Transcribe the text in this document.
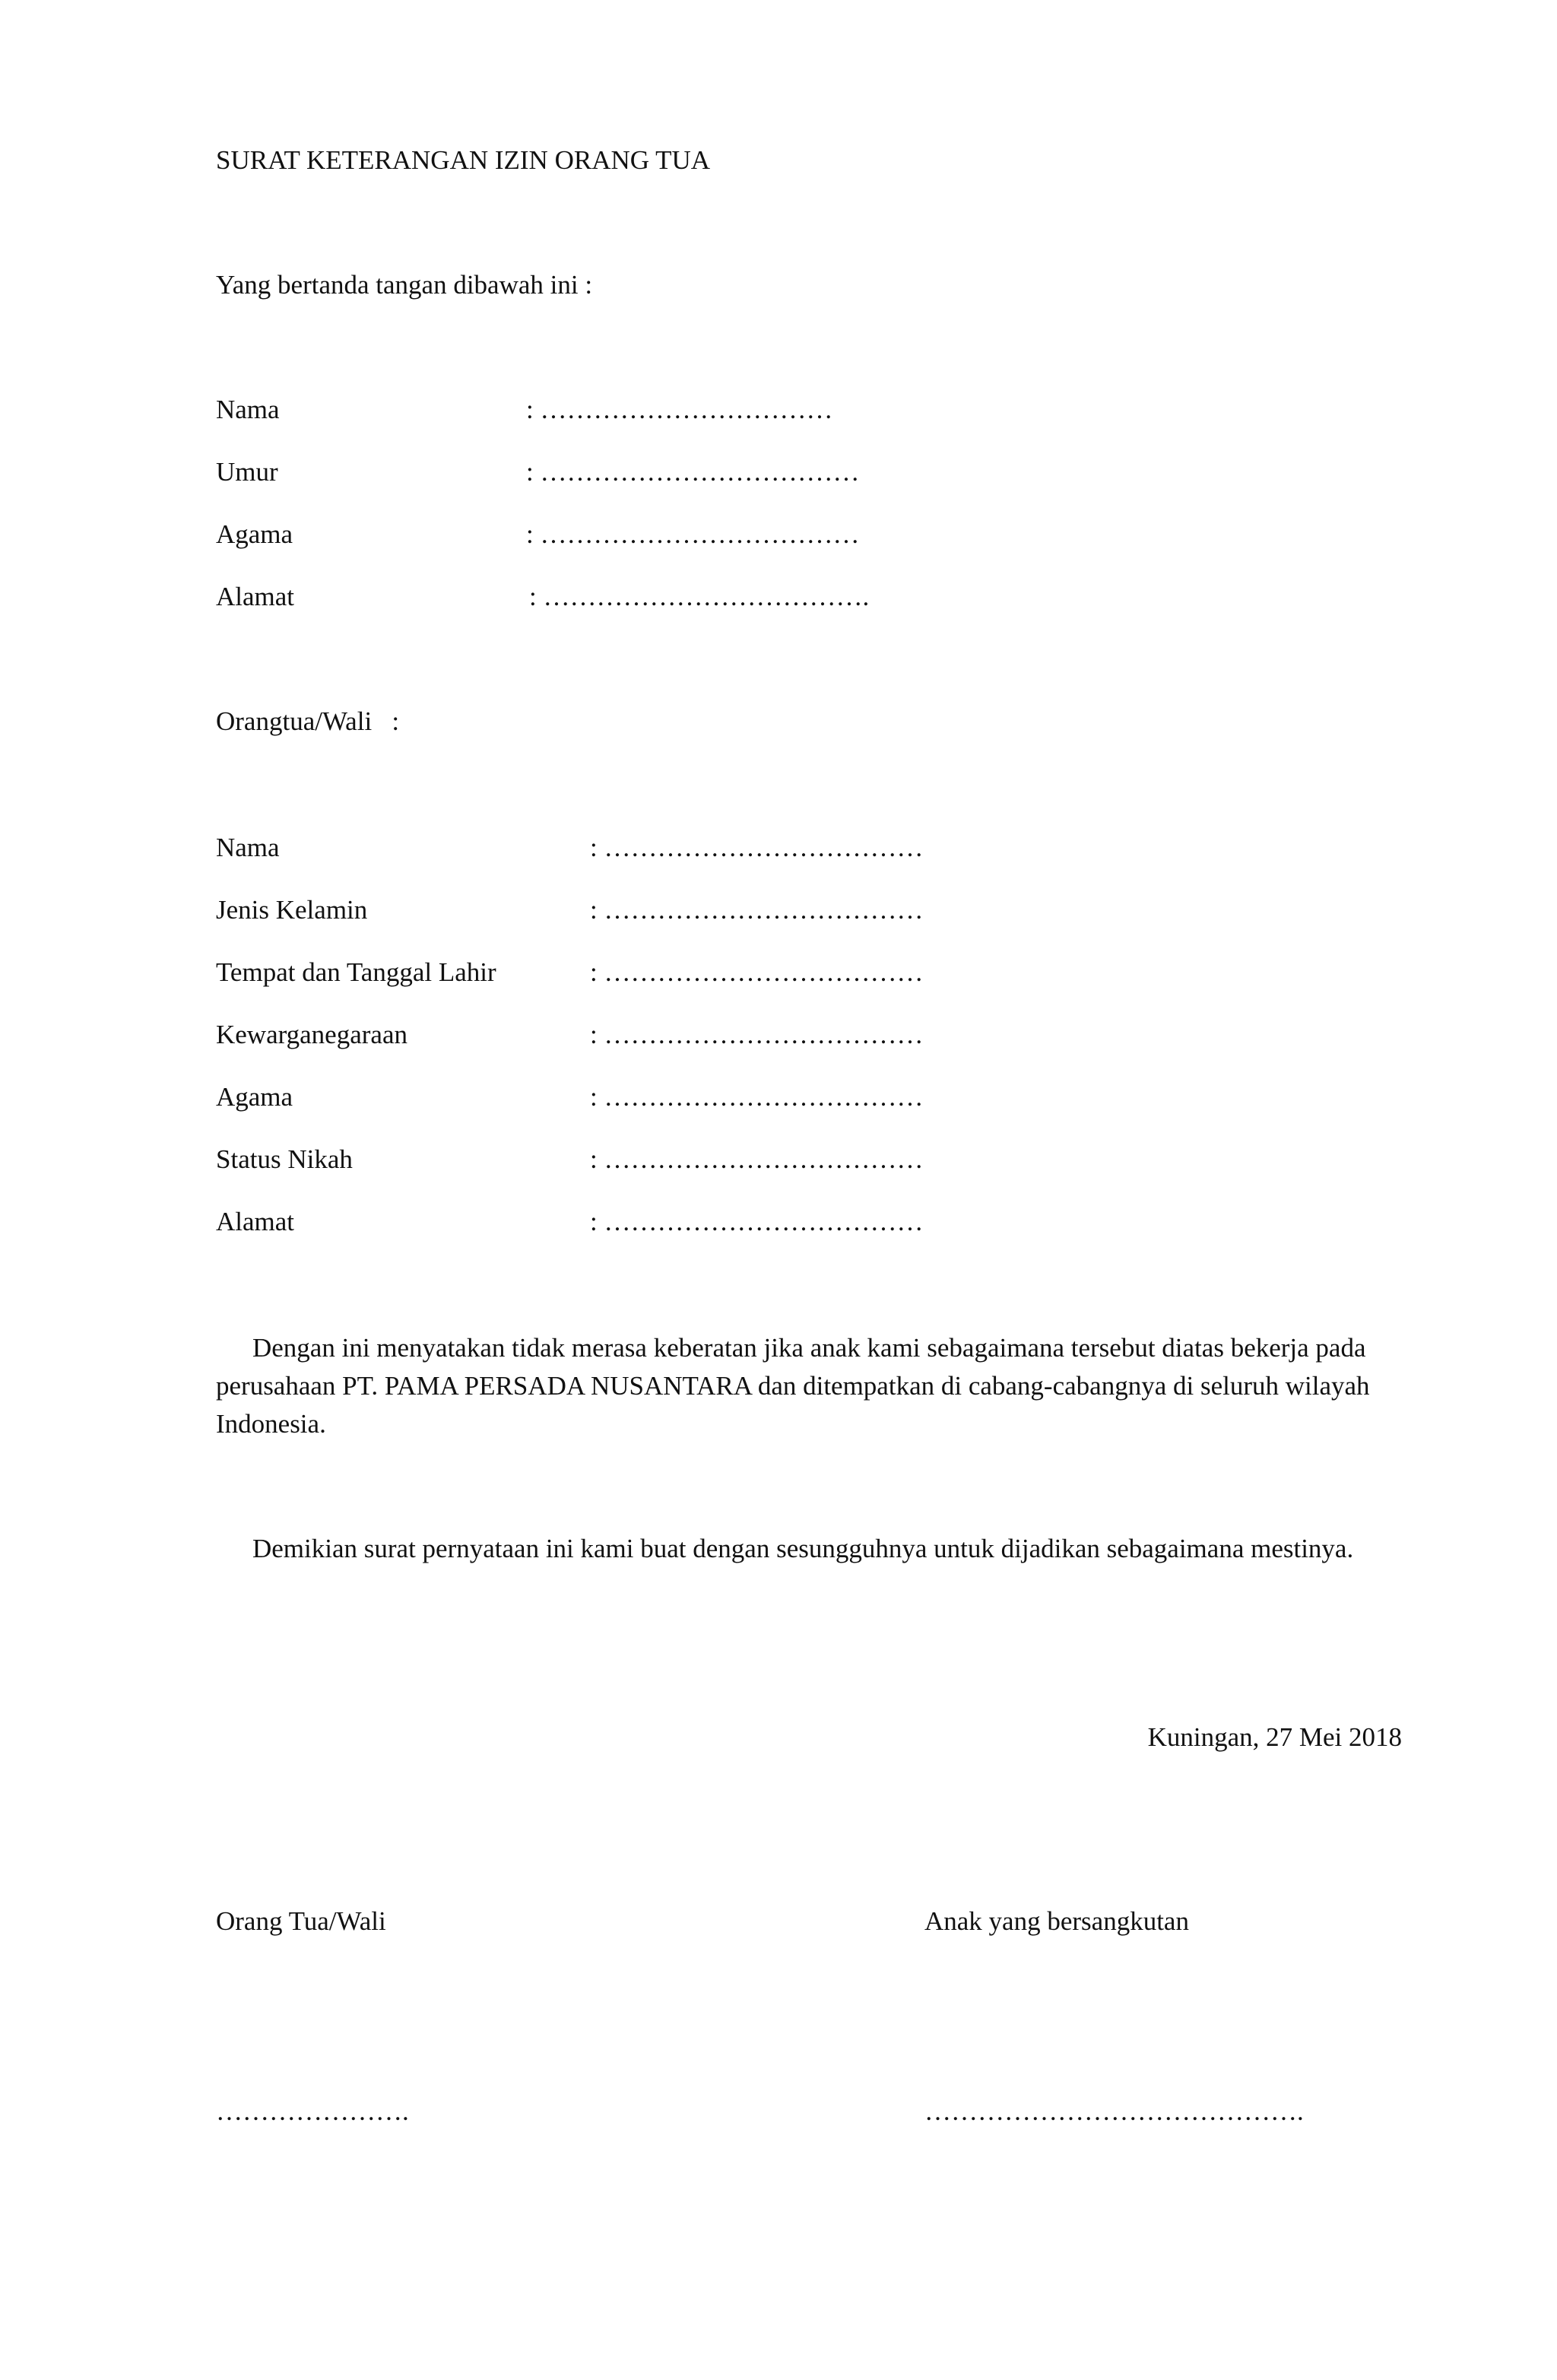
SURAT KETERANGAN IZIN ORANG TUA
Yang bertanda tangan dibawah ini :
Nama	: ……………………………
Umur	: ………………………………
Agama	: ………………………………
Alamat	: ……………………………….
Orangtua/Wali   :
Nama	: ………………………………
Jenis Kelamin	: ………………………………
Tempat dan Tanggal Lahir	: ………………………………
Kewarganegaraan	: ………………………………
Agama	: ………………………………
Status Nikah	: ………………………………
Alamat	: ………………………………
Dengan ini menyatakan tidak merasa keberatan jika anak kami sebagaimana tersebut diatas bekerja pada perusahaan PT. PAMA PERSADA NUSANTARA dan ditempatkan di cabang-cabangnya di seluruh wilayah Indonesia.
Demikian surat pernyataan ini kami buat dengan sesungguhnya untuk dijadikan sebagaimana mestinya.
Kuningan, 27 Mei 2018
Orang Tua/Wali	Anak yang bersangkutan
………………….	…………………………………….
